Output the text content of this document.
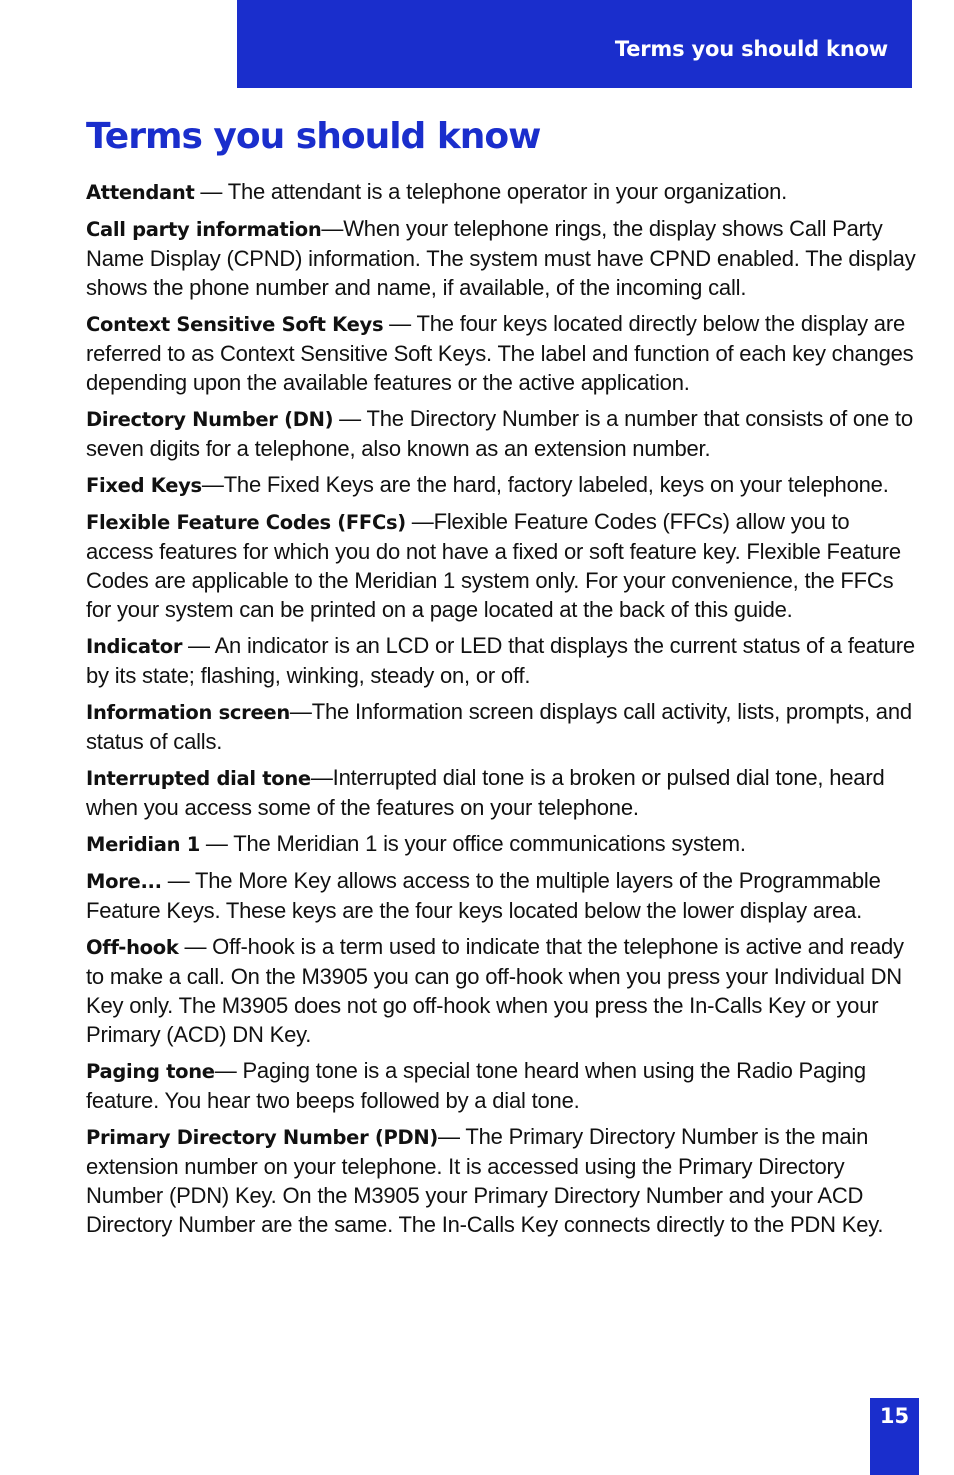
Terms you should know
Terms you should know

Attendant — The attendant is a telephone operator in your organization.

Call party information—When your telephone rings, the display shows Call Party Name Display (CPND) information. The system must have CPND enabled. The display shows the phone number and name, if available, of the incoming call.

Context Sensitive Soft Keys — The four keys located directly below the display are referred to as Context Sensitive Soft Keys. The label and function of each key changes depending upon the available features or the active application.

Directory Number (DN) — The Directory Number is a number that consists of one to seven digits for a telephone, also known as an extension number.

Fixed Keys—The Fixed Keys are the hard, factory labeled, keys on your telephone.

Flexible Feature Codes (FFCs) —Flexible Feature Codes (FFCs) allow you to access features for which you do not have a fixed or soft feature key. Flexible Feature Codes are applicable to the Meridian 1 system only. For your convenience, the FFCs for your system can be printed on a page located at the back of this guide.

Indicator — An indicator is an LCD or LED that displays the current status of a feature by its state; flashing, winking, steady on, or off.

Information screen—The Information screen displays call activity, lists, prompts, and status of calls.

Interrupted dial tone—Interrupted dial tone is a broken or pulsed dial tone, heard when you access some of the features on your telephone.

Meridian 1 — The Meridian 1 is your office communications system.

More... — The More Key allows access to the multiple layers of the Programmable Feature Keys. These keys are the four keys located below the lower display area.

Off-hook — Off-hook is a term used to indicate that the telephone is active and ready to make a call. On the M3905 you can go off-hook when you press your Individual DN Key only. The M3905 does not go off-hook when you press the In-Calls Key or your Primary (ACD) DN Key.

Paging tone— Paging tone is a special tone heard when using the Radio Paging feature. You hear two beeps followed by a dial tone.

Primary Directory Number (PDN)— The Primary Directory Number is the main extension number on your telephone. It is accessed using the Primary Directory Number (PDN) Key. On the M3905 your Primary Directory Number and your ACD Directory Number are the same. The In-Calls Key connects directly to the PDN Key.

15
